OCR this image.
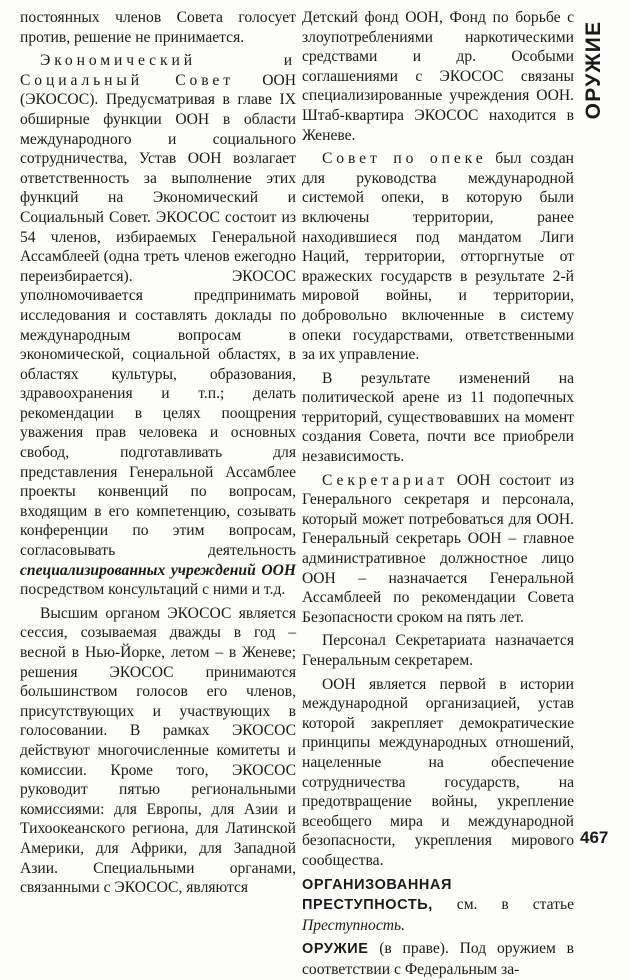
постоянных членов Совета голосует против, решение не принимается.

Экономический и Социальный Совет ООН (ЭКОСОС). Предусматривая в главе IX обширные функции ООН в области международного и социального сотрудничества, Устав ООН возлагает ответственность за выполнение этих функций на Экономический и Социальный Совет. ЭКОСОС состоит из 54 членов, избираемых Генеральной Ассамблеей (одна треть членов ежегодно переизбирается). ЭКОСОС уполномочивается предпринимать исследования и составлять доклады по международным вопросам в экономической, социальной областях, в областях культуры, образования, здравоохранения и т.п.; делать рекомендации в целях поощрения уважения прав человека и основных свобод, подготавливать для представления Генеральной Ассамблее проекты конвенций по вопросам, входящим в его компетенцию, созывать конференции по этим вопросам, согласовывать деятельность специализированных учреждений ООН посредством консультаций с ними и т.д.

Высшим органом ЭКОСОС является сессия, созываемая дважды в год – весной в Нью-Йорке, летом – в Женеве; решения ЭКОСОС принимаются большинством голосов его членов, присутствующих и участвующих в голосовании. В рамках ЭКОСОС действуют многочисленные комитеты и комиссии. Кроме того, ЭКОСОС руководит пятью региональными комиссиями: для Европы, для Азии и Тихоокеанского региона, для Латинской Америки, для Африки, для Западной Азии. Специальными органами, связанными с ЭКОСОС, являются

Детский фонд ООН, Фонд по борьбе с злоупотреблениями наркотическими средствами и др. Особыми соглашениями с ЭКОСОС связаны специализированные учреждения ООН. Штаб-квартира ЭКОСОС находится в Женеве.

Совет по опеке был создан для руководства международной системой опеки, в которую были включены территории, ранее находившиеся под мандатом Лиги Наций, территории, отторгнутые от вражеских государств в результате 2-й мировой войны, и территории, добровольно включенные в систему опеки государствами, ответственными за их управление.

В результате изменений на политической арене из 11 подопечных территорий, существовавших на момент создания Совета, почти все приобрели независимость.

Секретариат ООН состоит из Генерального секретаря и персонала, который может потребоваться для ООН. Генеральный секретарь ООН – главное административное должностное лицо ООН – назначается Генеральной Ассамблеей по рекомендации Совета Безопасности сроком на пять лет.

Персонал Секретариата назначается Генеральным секретарем.

ООН является первой в истории международной организацией, устав которой закрепляет демократические принципы международных отношений, нацеленные на обеспечение сотрудничества государств, на предотвращение войны, укрепление всеобщего мира и международной безопасности, укрепления мирового сообщества.

ОРГАНИЗОВАННАЯ ПРЕСТУПНОСТЬ, см. в статье Преступность.

ОРУЖИЕ (в праве). Под оружием в соответствии с Федеральным за-

ОРУЖИЕ
467
